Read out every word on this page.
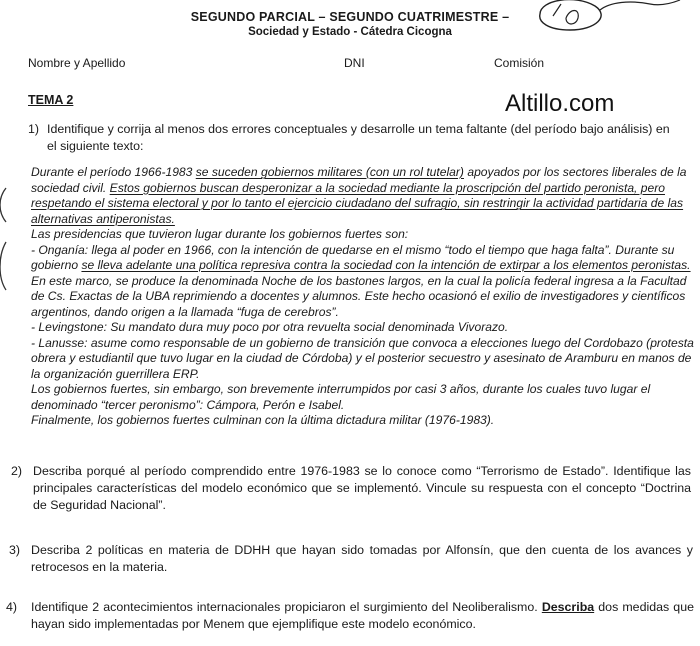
SEGUNDO PARCIAL – SEGUNDO CUATRIMESTRE –
Sociedad y Estado - Cátedra Cicogna
Nombre y Apellido	DNI	Comisión
TEMA 2	Altillo.com
1) Identifique y corrija al menos dos errores conceptuales y desarrolle un tema faltante (del período bajo análisis) en el siguiente texto:
Durante el período 1966-1983 se suceden gobiernos militares (con un rol tutelar) apoyados por los sectores liberales de la sociedad civil. Estos gobiernos buscan desperonizar a la sociedad mediante la proscripción del partido peronista, pero respetando el sistema electoral y por lo tanto el ejercicio ciudadano del sufragio, sin restringir la actividad partidaria de las alternativas antiperonistas.
Las presidencias que tuvieron lugar durante los gobiernos fuertes son:
- Onganía: llega al poder en 1966, con la intención de quedarse en el mismo “todo el tiempo que haga falta”. Durante su gobierno se lleva adelante una política represiva contra la sociedad con la intención de extirpar a los elementos peronistas. En este marco, se produce la denominada Noche de los bastones largos, en la cual la policía federal ingresa a la Facultad de Cs. Exactas de la UBA reprimiendo a docentes y alumnos. Este hecho ocasionó el exilio de investigadores y científicos argentinos, dando origen a la llamada “fuga de cerebros”.
- Levingstone: Su mandato dura muy poco por otra revuelta social denominada Vivorazo.
- Lanusse: asume como responsable de un gobierno de transición que convoca a elecciones luego del Cordobazo (protesta obrera y estudiantil que tuvo lugar en la ciudad de Córdoba) y el posterior secuestro y asesinato de Aramburu en manos de la organización guerrillera ERP.
Los gobiernos fuertes, sin embargo, son brevemente interrumpidos por casi 3 años, durante los cuales tuvo lugar el denominado “tercer peronismo”: Cámpora, Perón e Isabel.
Finalmente, los gobiernos fuertes culminan con la última dictadura militar (1976-1983).
2) Describa porqué al período comprendido entre 1976-1983 se lo conoce como “Terrorismo de Estado”. Identifique las principales características del modelo económico que se implementó. Vincule su respuesta con el concepto “Doctrina de Seguridad Nacional”.
3) Describa 2 políticas en materia de DDHH que hayan sido tomadas por Alfonsín, que den cuenta de los avances y retrocesos en la materia.
4)	Identifique 2 acontecimientos internacionales propiciaron el surgimiento del Neoliberalismo. Describa dos medidas que hayan sido implementadas por Menem que ejemplifique este modelo económico.
